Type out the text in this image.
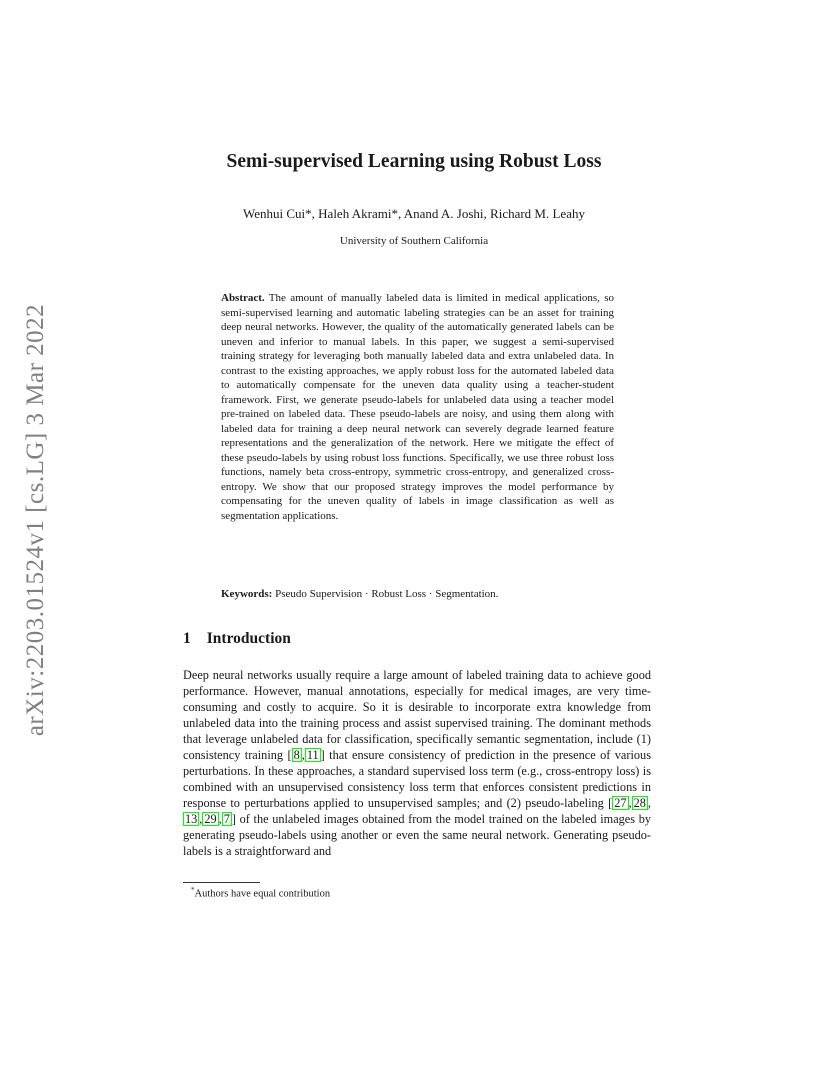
arXiv:2203.01524v1 [cs.LG] 3 Mar 2022
Semi-supervised Learning using Robust Loss
Wenhui Cui*, Haleh Akrami*, Anand A. Joshi, Richard M. Leahy
University of Southern California
Abstract. The amount of manually labeled data is limited in medical applications, so semi-supervised learning and automatic labeling strategies can be an asset for training deep neural networks. However, the quality of the automatically generated labels can be uneven and inferior to manual labels. In this paper, we suggest a semi-supervised training strategy for leveraging both manually labeled data and extra unlabeled data. In contrast to the existing approaches, we apply robust loss for the automated labeled data to automatically compensate for the uneven data quality using a teacher-student framework. First, we generate pseudo-labels for unlabeled data using a teacher model pre-trained on labeled data. These pseudo-labels are noisy, and using them along with labeled data for training a deep neural network can severely degrade learned feature representations and the generalization of the network. Here we mitigate the effect of these pseudo-labels by using robust loss functions. Specifically, we use three robust loss functions, namely beta cross-entropy, symmetric cross-entropy, and generalized cross-entropy. We show that our proposed strategy improves the model performance by compensating for the uneven quality of labels in image classification as well as segmentation applications.
Keywords: Pseudo Supervision · Robust Loss · Segmentation.
1 Introduction
Deep neural networks usually require a large amount of labeled training data to achieve good performance. However, manual annotations, especially for medical images, are very time-consuming and costly to acquire. So it is desirable to incorporate extra knowledge from unlabeled data into the training process and assist supervised training. The dominant methods that leverage unlabeled data for classification, specifically semantic segmentation, include (1) consistency training [ 8 , 11 ] that ensure consistency of prediction in the presence of various perturbations. In these approaches, a standard supervised loss term (e.g., cross-entropy loss) is combined with an unsupervised consistency loss term that enforces consistent predictions in response to perturbations applied to unsupervised samples; and (2) pseudo-labeling [ 27 , 28 ,13 , 29 , 7 ] of the unlabeled images obtained from the model trained on the labeled images by generating pseudo-labels using another or even the same neural network. Generating pseudo-labels is a straightforward and
*Authors have equal contribution
